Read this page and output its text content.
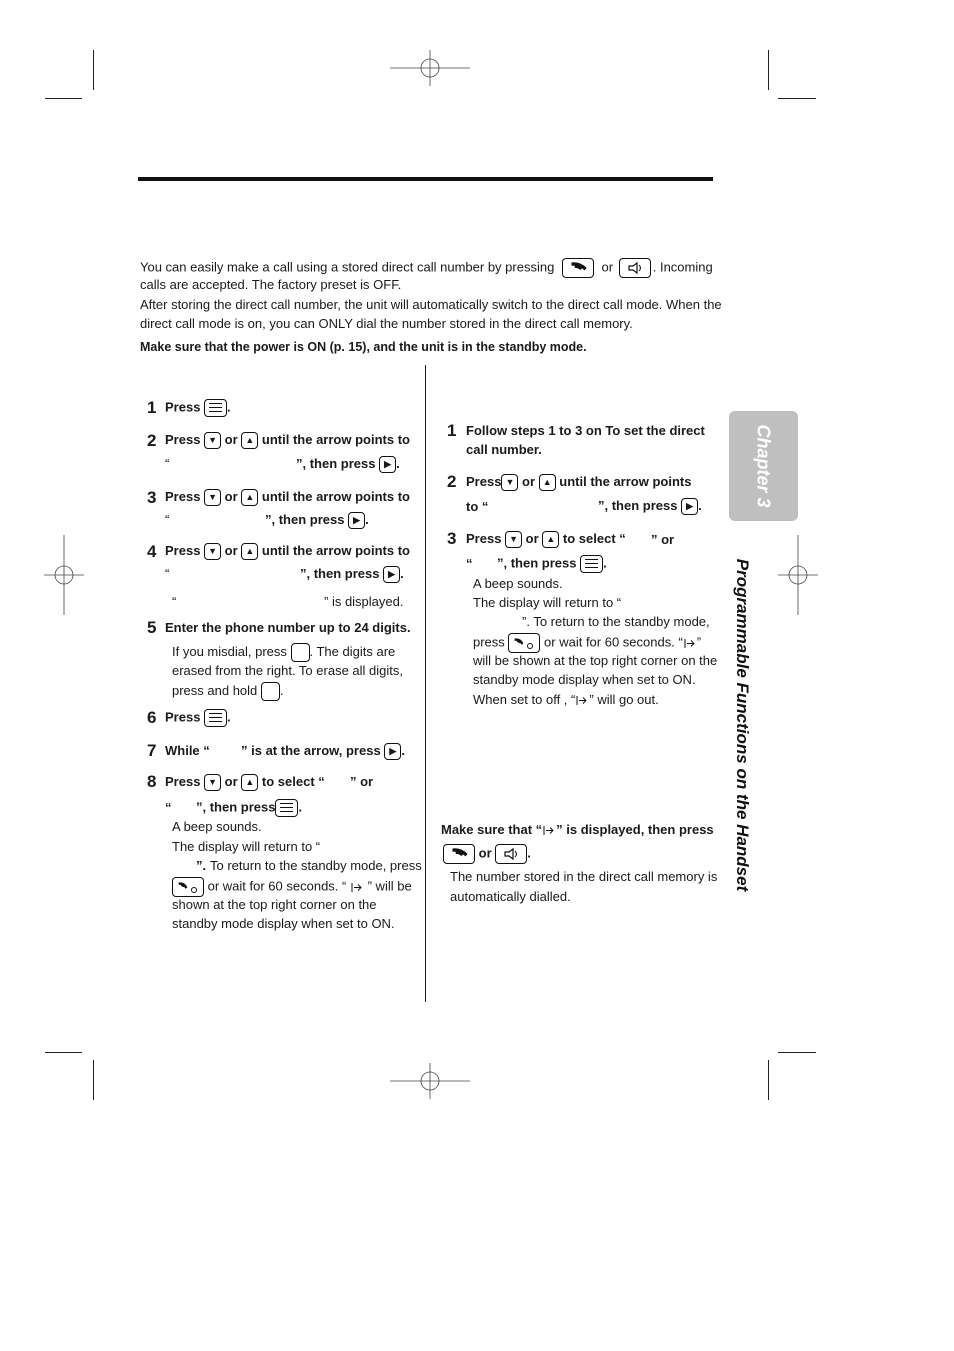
You can easily make a call using a stored direct call number by pressing	or	. Incoming
calls are accepted. The factory preset is OFF.
After storing the direct call number, the unit will automatically switch to the direct call mode. When the
direct call mode is on, you can ONLY dial the number stored in the direct call memory.
Make sure that the power is ON (p. 15), and the unit is in the standby mode.
1 Press .
2 Press ▼ or ▲ until the arrow points to
“	”, then press ▶ .
3 Press ▼ or ▲ until the arrow points to
“	”, then press ▶ .
4 Press ▼ or ▲ until the arrow points to
“	”, then press ▶ .
“	” is displayed.
5 Enter the phone number up to 24 digits.
If you misdial, press . The digits are
erased from the right. To erase all digits,
press and hold .
6 Press .
7 While “ ” is at the arrow, press ▶ .
8 Press ▼ or ▲ to select “ ” or
“ ”, then press .
A beep sounds.
The display will return to “
”. To return to the standby mode, press
or wait for 60 seconds. “ ” will be
shown at the top right corner on the
standby mode display when set to ON.
1 Follow steps 1 to 3 on To set the direct
call number.
2 Press ▼ or ▲ until the arrow points
to “	”, then press ▶ .
3 Press ▼ or ▲ to select “ ” or
“ ”, then press .
A beep sounds.
The display will return to “
”. To return to the standby mode,
press	or wait for 60 seconds. “ ”
will be shown at the top right corner on the
standby mode display when set to ON.
When set to off , “ ” will go out.
Make sure that “ ” is displayed, then press
or	.
The number stored in the direct call memory is
automatically dialled.
Chapter 3
Programmable Functions on the Handset
